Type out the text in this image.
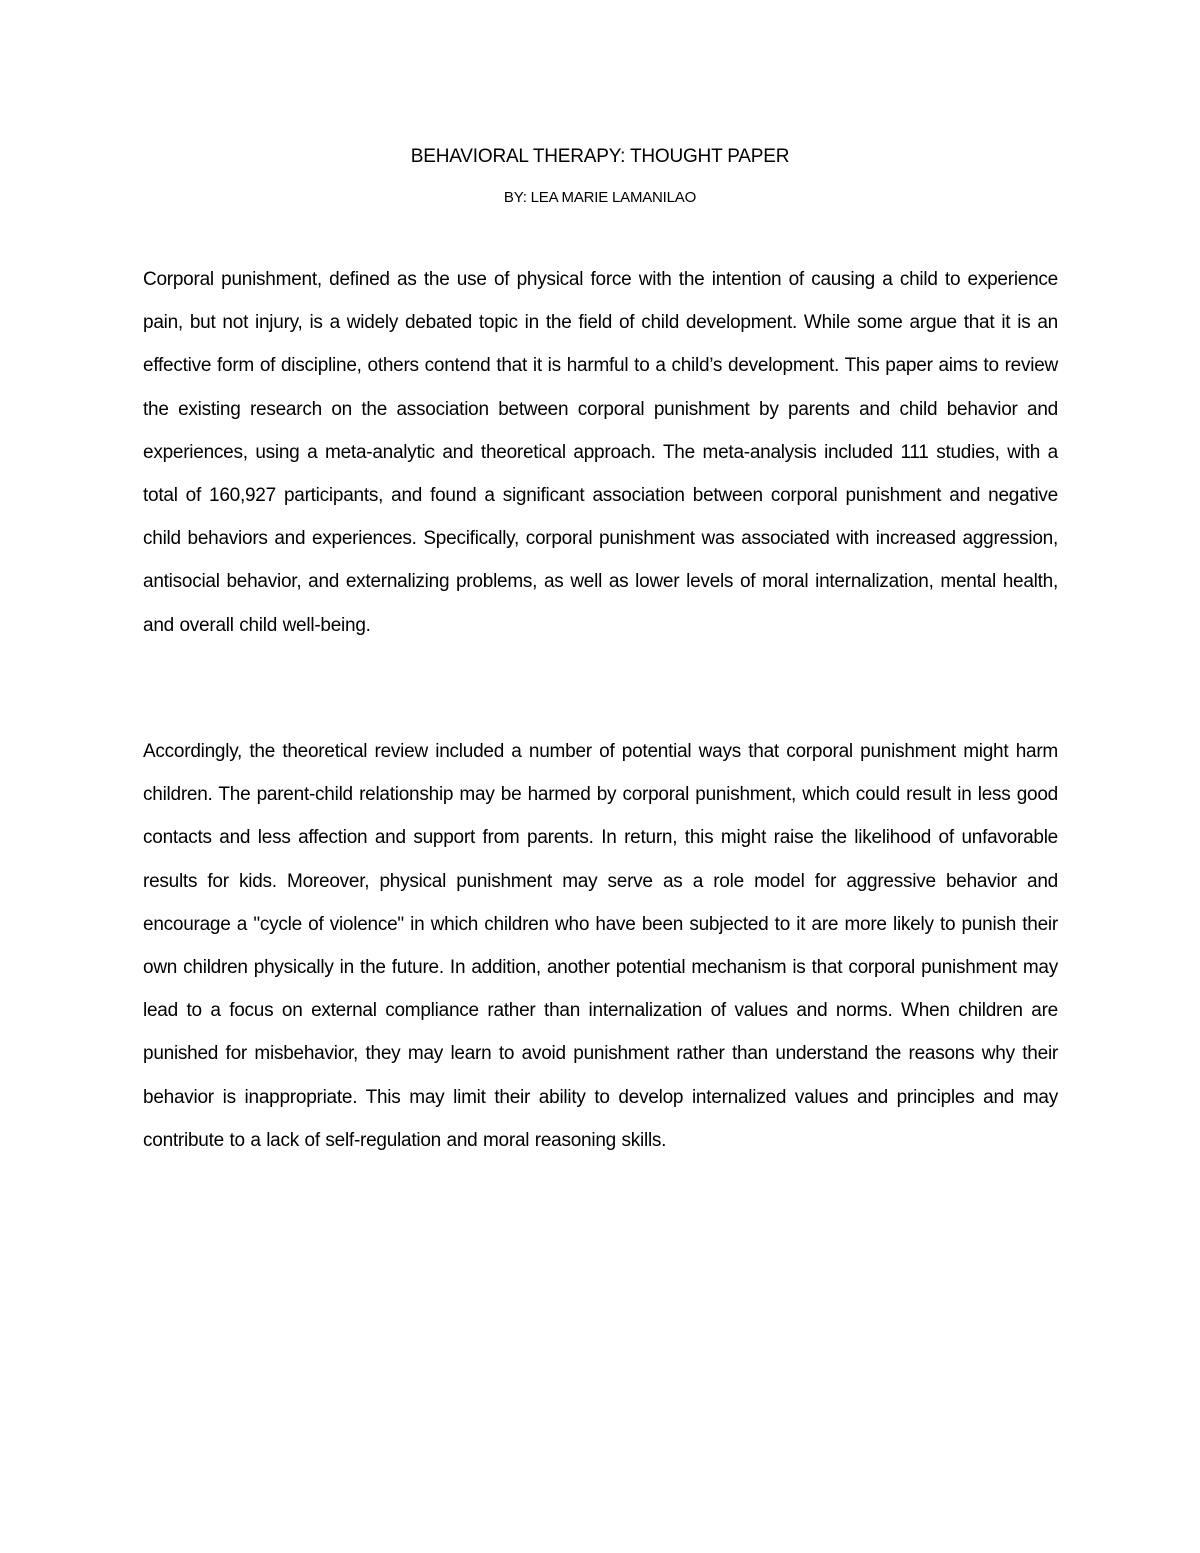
BEHAVIORAL THERAPY: THOUGHT PAPER
BY: LEA MARIE LAMANILAO

Corporal punishment, defined as the use of physical force with the intention of causing a child to experience pain, but not injury, is a widely debated topic in the field of child development. While some argue that it is an effective form of discipline, others contend that it is harmful to a child’s development. This paper aims to review the existing research on the association between corporal punishment by parents and child behavior and experiences, using a meta-analytic and theoretical approach. The meta-analysis included 111 studies, with a total of 160,927 participants, and found a significant association between corporal punishment and negative child behaviors and experiences. Specifically, corporal punishment was associated with increased aggression, antisocial behavior, and externalizing problems, as well as lower levels of moral internalization, mental health, and overall child well-being.

Accordingly, the theoretical review included a number of potential ways that corporal punishment might harm children. The parent-child relationship may be harmed by corporal punishment, which could result in less good contacts and less affection and support from parents. In return, this might raise the likelihood of unfavorable results for kids. Moreover, physical punishment may serve as a role model for aggressive behavior and encourage a "cycle of violence" in which children who have been subjected to it are more likely to punish their own children physically in the future. In addition, another potential mechanism is that corporal punishment may lead to a focus on external compliance rather than internalization of values and norms. When children are punished for misbehavior, they may learn to avoid punishment rather than understand the reasons why their behavior is inappropriate. This may limit their ability to develop internalized values and principles and may contribute to a lack of self-regulation and moral reasoning skills.
